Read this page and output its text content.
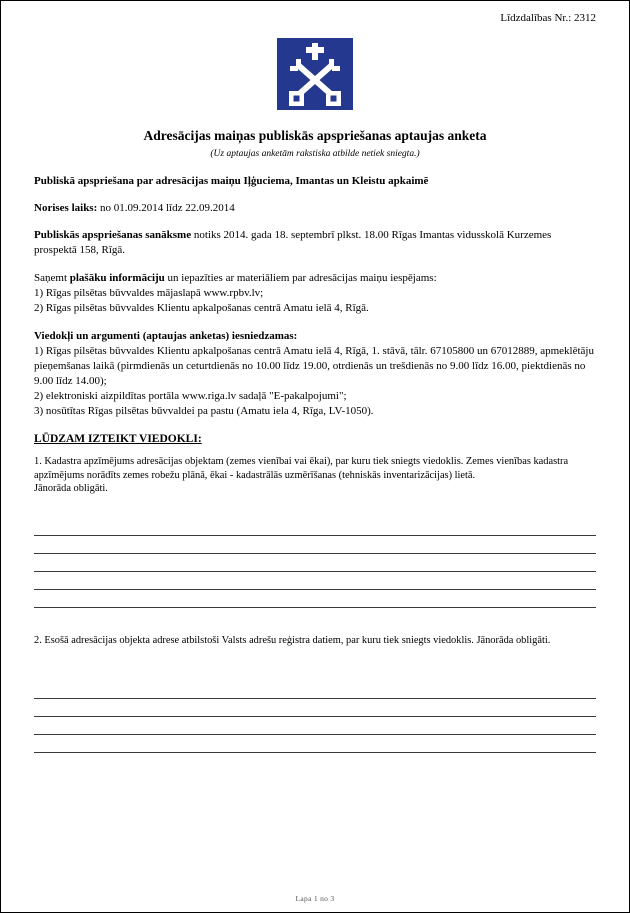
Līdzdalības Nr.: 2312
Adresācijas maiņas publiskās apspriešanas aptaujas anketa
(Uz aptaujas anketām rakstiska atbilde netiek sniegta.)

Publiskā apspriešana par adresācijas maiņu Iļģuciema, Imantas un Kleistu apkaimē

Norises laiks: no 01.09.2014 līdz 22.09.2014

Publiskās apspriešanas sanāksme notiks 2014. gada 18. septembrī plkst. 18.00 Rīgas Imantas vidusskolā Kurzemes prospektā 158, Rīgā.

Saņemt plašāku informāciju un iepazīties ar materiāliem par adresācijas maiņu iespējams:

1) Rīgas pilsētas būvvaldes mājaslapā www.rpbv.lv;

2) Rīgas pilsētas būvvaldes Klientu apkalpošanas centrā Amatu ielā 4, Rīgā.

Viedokļi un argumenti (aptaujas anketas) iesniedzamas:

1) Rīgas pilsētas būvvaldes Klientu apkalpošanas centrā Amatu ielā 4, Rīgā, 1. stāvā, tālr. 67105800 un 67012889, apmeklētāju pieņemšanas laikā (pirmdienās un ceturtdienās no 10.00 līdz 19.00, otrdienās un trešdienās no 9.00 līdz 16.00, piektdienās no 9.00 līdz 14.00);

2) elektroniski aizpildītas portāla www.riga.lv sadaļā "E-pakalpojumi";

3) nosūtītas Rīgas pilsētas būvvaldei pa pastu (Amatu iela 4, Rīga, LV-1050).

LŪDZAM IZTEIKT VIEDOKLI:

1. Kadastra apzīmējums adresācijas objektam (zemes vienībai vai ēkai), par kuru tiek sniegts viedoklis. Zemes vienības kadastra apzīmējums norādīts zemes robežu plānā, ēkai - kadastrālās uzmērīšanas (tehniskās inventarizācijas) lietā.

Jānorāda obligāti.

2. Esošā adresācijas objekta adrese atbilstoši Valsts adrešu reģistra datiem, par kuru tiek sniegts viedoklis. Jānorāda obligāti.

Lapa 1 no 3
